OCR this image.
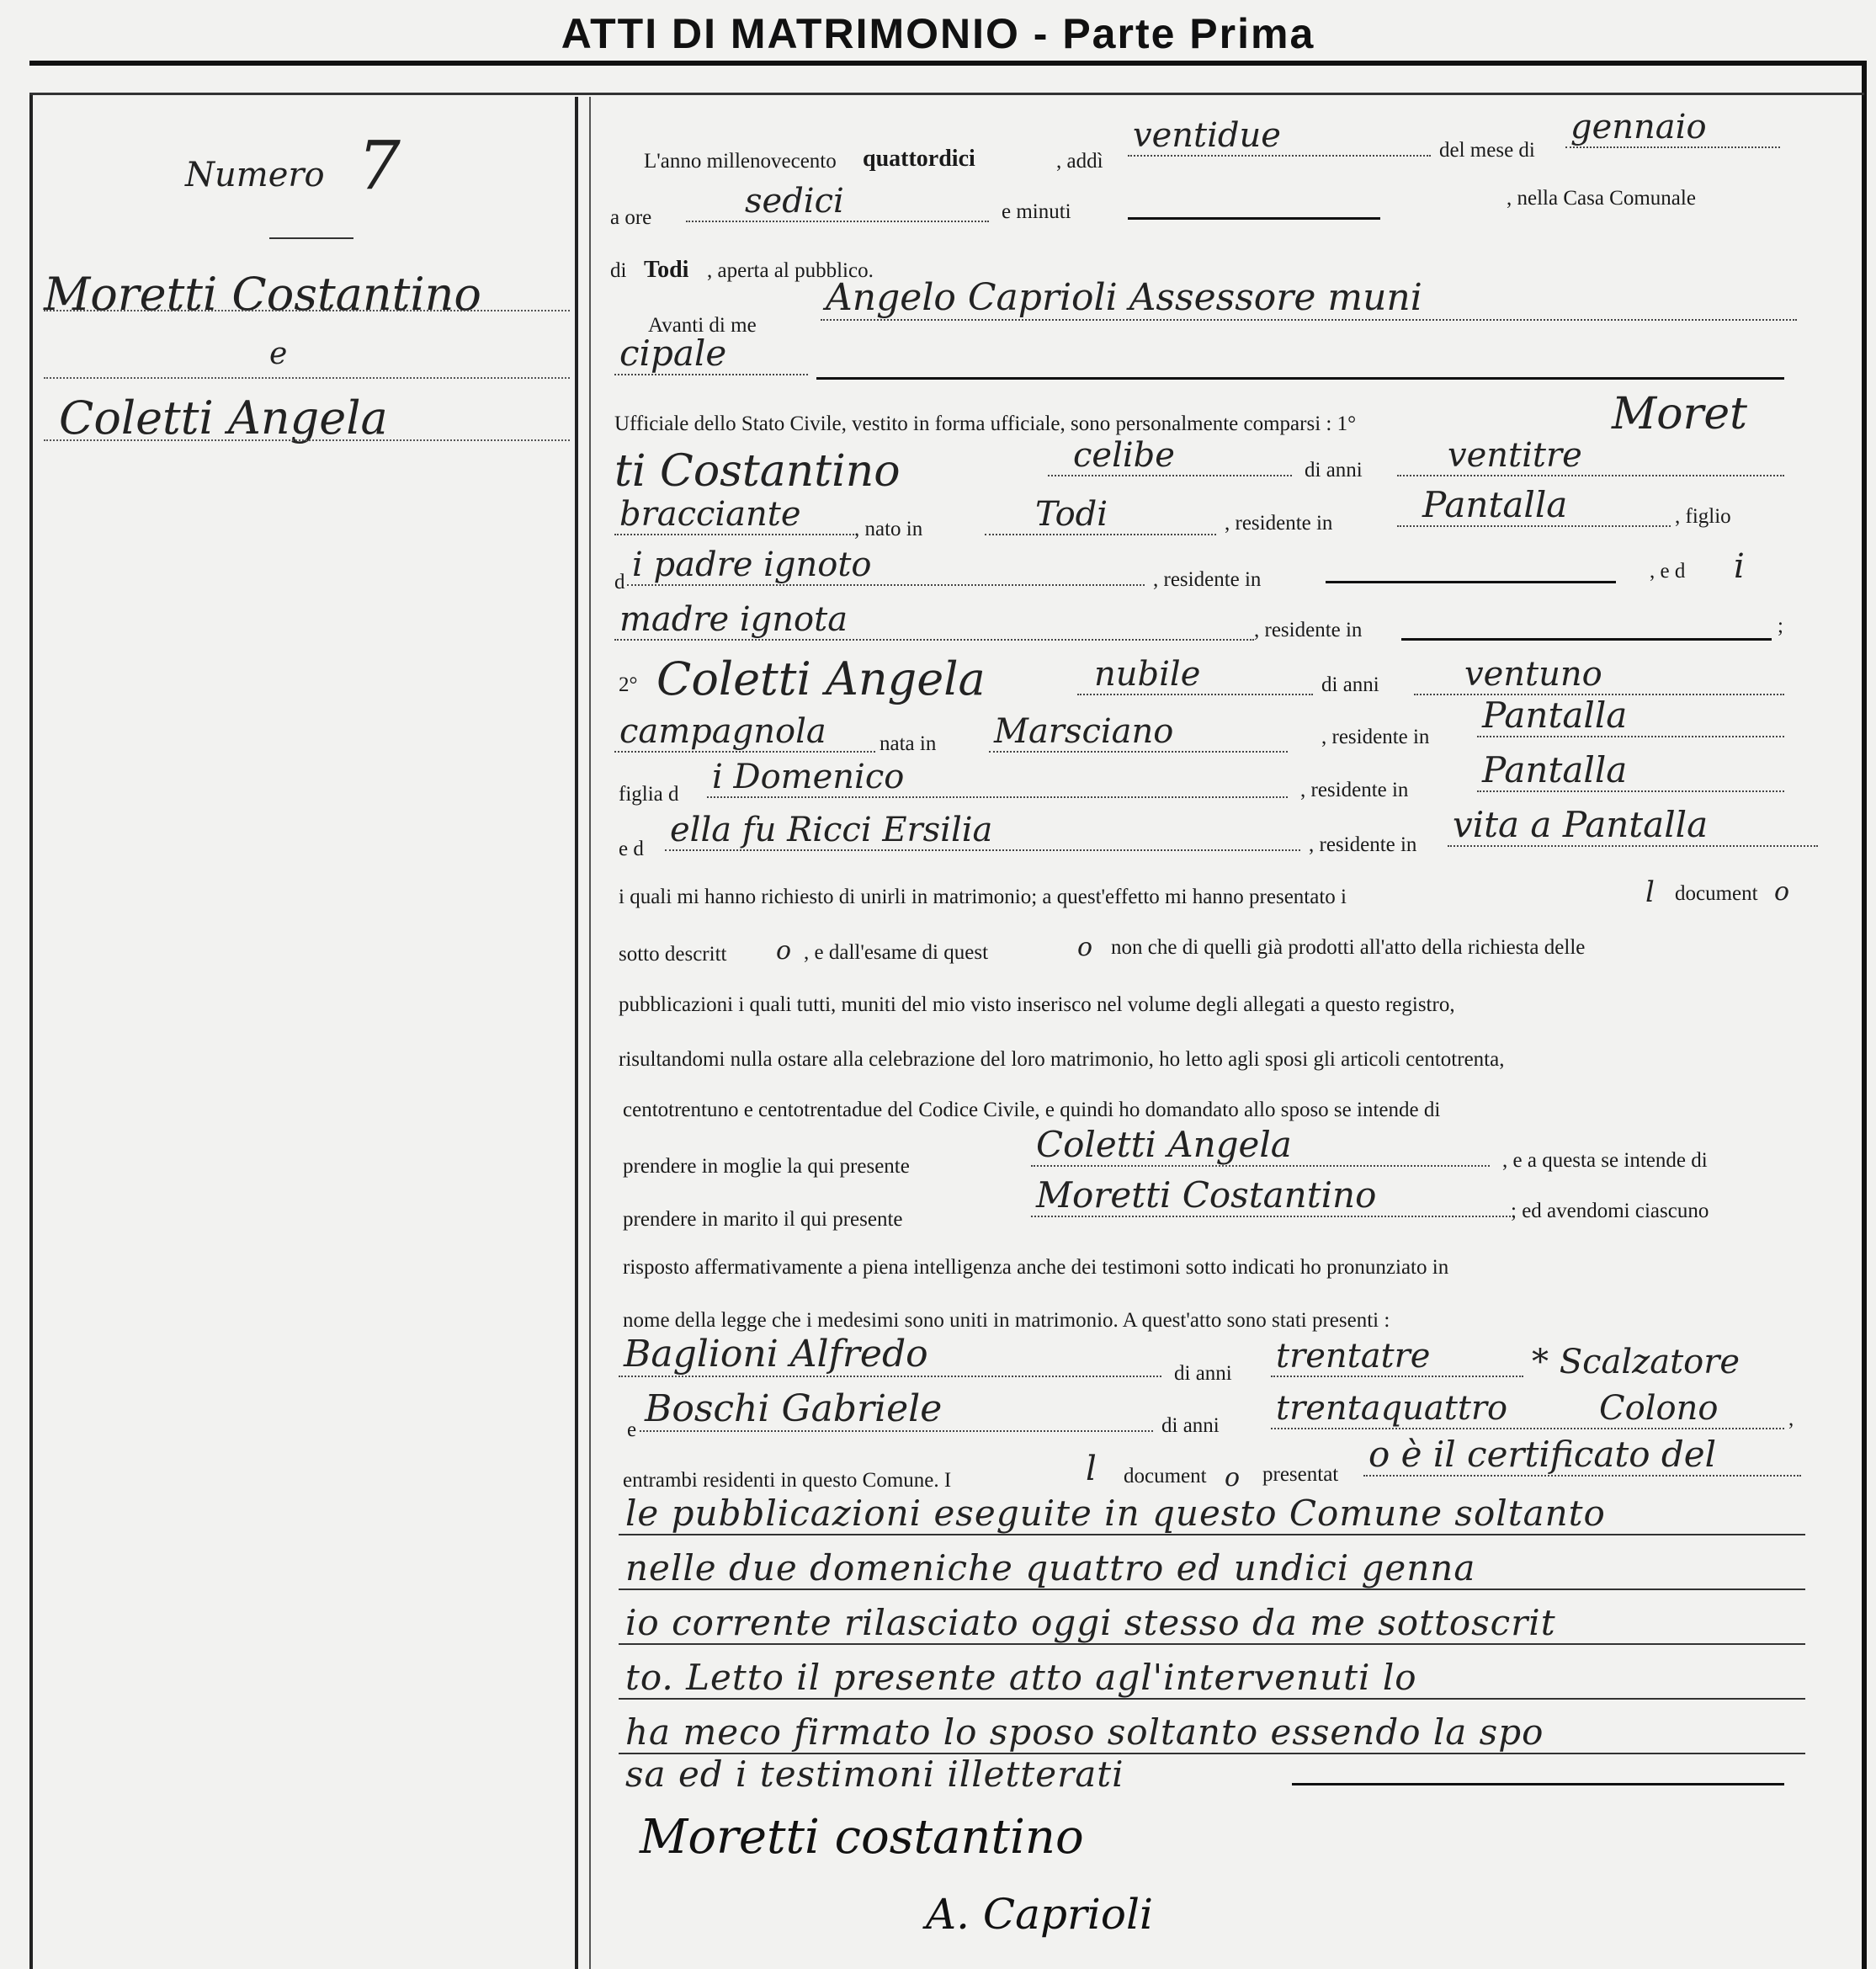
ATTI DI MATRIMONIO - Parte Prima
Numero 7
Moretti Costantino
e
Coletti Angela
L'anno millenovecento quattordici	, addì
ventidue	del mese di
gennaio
a ore	sedici	e minuti
, nella Casa Comunale
di Todi , aperta al pubblico.
Avanti di me
Angelo Caprioli Assessore muni
cipale
Ufficiale dello Stato Civile, vestito in forma ufficiale, sono personalmente comparsi : 1°	Moret
ti Costantino	celibe	di anni	ventitre
bracciante	, nato in	Todi	, residente in	Pantalla	, figlio
d i padre ignoto	, residente in	, e d i
madre ignota	, residente in	;
2° Coletti Angela	nubile	di anni	ventuno
campagnola	nata in Marsciano	, residente in
Pantalla
figlia d i Domenico	, residente in Pantalla
e d ella fu Ricci Ersilia	, residente in vita a Pantalla
i quali mi hanno richiesto di unirli in matrimonio; a quest'effetto mi hanno presentato i	l document o
sotto descritt o , e dall'esame di quest	o non che di quelli già prodotti all'atto della richiesta delle
pubblicazioni i quali tutti, muniti del mio visto inserisco nel volume degli allegati a questo registro,
risultandomi nulla ostare alla celebrazione del loro matrimonio, ho letto agli sposi gli articoli centotrenta,
centotrentuno e centotrentadue del Codice Civile, e quindi ho domandato allo sposo se intende di
prendere in moglie la qui presente
Coletti Angela	, e a questa se intende di
prendere in marito il qui presente
Moretti Costantino	; ed avendomi ciascuno
risposto affermativamente a piena intelligenza anche dei testimoni sotto indicati ho pronunziato in
nome della legge che i medesimi sono uniti in matrimonio. A quest'atto sono stati presenti :
Baglioni Alfredo	di anni trentatre	* Scalzatore
e Boschi Gabriele	di anni trentaquattro	Colono	,
entrambi residenti in questo Comune. I	l document o presentat o è il certificato del
le pubblicazioni eseguite in questo Comune soltanto
nelle due domeniche quattro ed undici genna
io corrente rilasciato oggi stesso da me sottoscrit
to. Letto il presente atto agl'intervenuti lo
ha meco firmato lo sposo soltanto essendo la spo
sa ed i testimoni illetterati
Moretti costantino
A. Caprioli
